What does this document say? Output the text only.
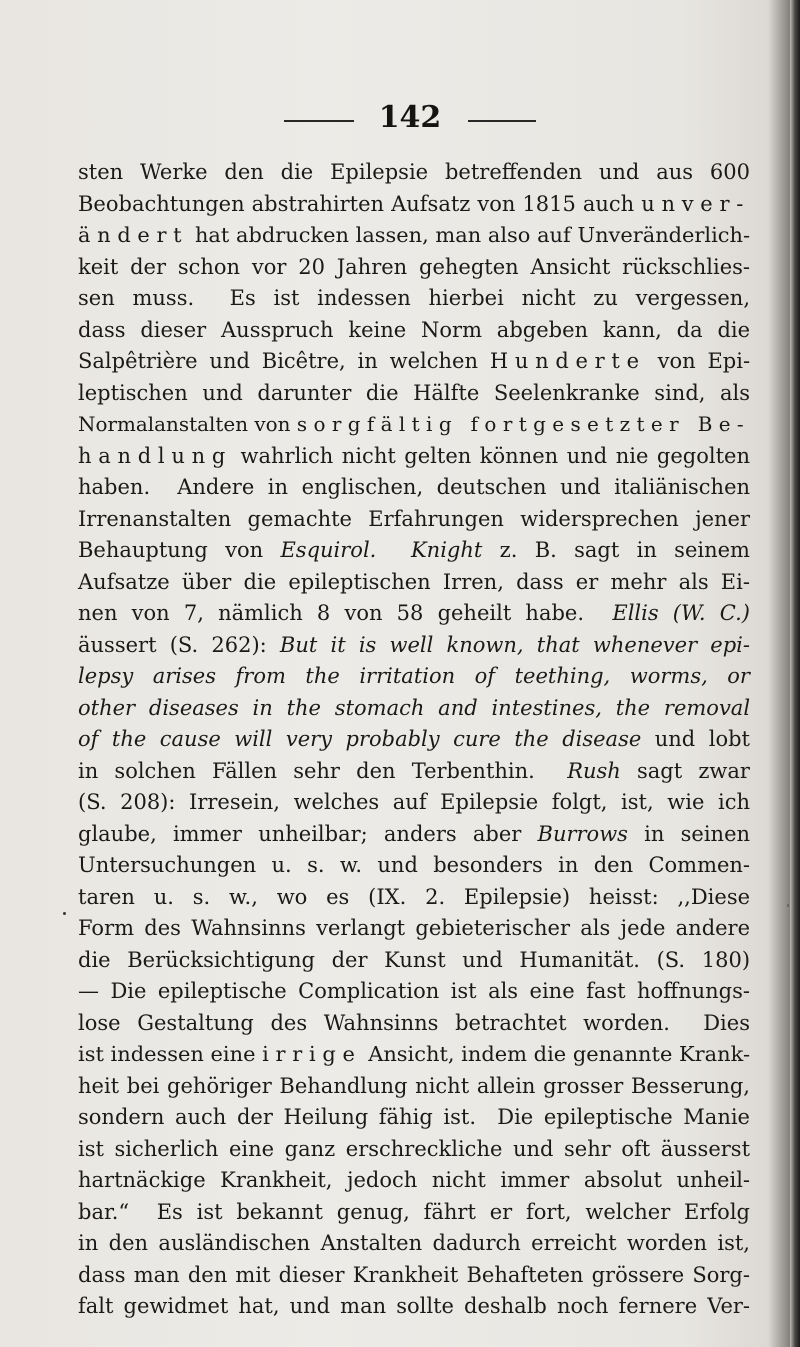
142
sten Werke den die Epilepsie betreffenden und aus 600
Beobachtungen abstrahirten Aufsatz von 1815 auch unver-
ändert hat abdrucken lassen, man also auf Unveränderlich-
keit der schon vor 20 Jahren gehegten Ansicht rückschlies-
sen muss.  Es ist indessen hierbei nicht zu vergessen,
dass dieser Ausspruch keine Norm abgeben kann, da die
Salpêtrière und Bicêtre, in welchen Hunderte von Epi-
leptischen und darunter die Hälfte Seelenkranke sind, als
Normalanstalten von sorgfältig fortgesetzter Be-
handlung wahrlich nicht gelten können und nie gegolten
haben.  Andere in englischen, deutschen und italiänischen
Irrenanstalten gemachte Erfahrungen widersprechen jener
Behauptung von Esquirol. Knight z. B. sagt in seinem
Aufsatze über die epileptischen Irren, dass er mehr als Ei-
nen von 7, nämlich 8 von 58 geheilt habe.  Ellis (W. C.)
äussert (S. 262): But it is well known, that whenever epi-
lepsy arises from the irritation of teething, worms, or
other diseases in the stomach and intestines, the removal
of the cause will very probably cure the disease und lobt
in solchen Fällen sehr den Terbenthin.  Rush sagt zwar
(S. 208): Irresein, welches auf Epilepsie folgt, ist, wie ich
glaube, immer unheilbar; anders aber Burrows in seinen
Untersuchungen u. s. w. und besonders in den Commen-
taren u. s. w., wo es (IX. 2. Epilepsie) heisst: ,,Diese
Form des Wahnsinns verlangt gebieterischer als jede andere
die Berücksichtigung der Kunst und Humanität. (S. 180)
— Die epileptische Complication ist als eine fast hoffnungs-
lose Gestaltung des Wahnsinns betrachtet worden.  Dies
ist indessen eine irrige Ansicht, indem die genannte Krank-
heit bei gehöriger Behandlung nicht allein grosser Besserung,
sondern auch der Heilung fähig ist.  Die epileptische Manie
ist sicherlich eine ganz erschreckliche und sehr oft äusserst
hartnäckige Krankheit, jedoch nicht immer absolut unheil-
bar.“  Es ist bekannt genug, fährt er fort, welcher Erfolg
in den ausländischen Anstalten dadurch erreicht worden ist,
dass man den mit dieser Krankheit Behafteten grössere Sorg-
falt gewidmet hat, und man sollte deshalb noch fernere Ver-
